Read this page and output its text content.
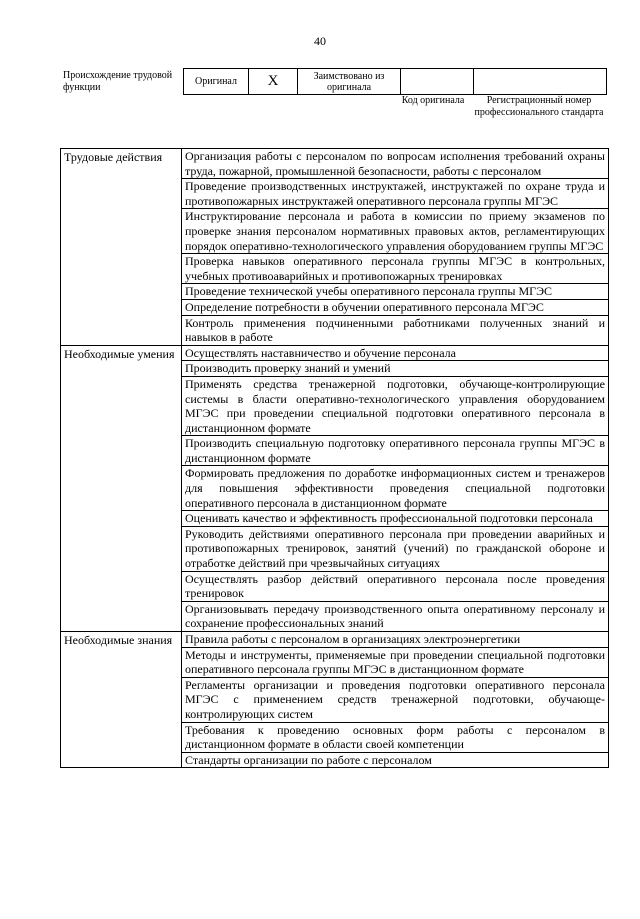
40
Происхождение трудовой функции
Оригинал	X	Заимствовано из оригинала		
Код оригинала	Регистрационный номер профессионального стандарта
Трудовые действия	Организация работы с персоналом по вопросам исполнения требований охраны труда, пожарной, промышленной безопасности, работы с персоналом
	Проведение производственных инструктажей, инструктажей по охране труда и противопожарных инструктажей оперативного персонала группы МГЭС
	Инструктирование персонала и работа в комиссии по приему экзаменов по проверке знания персоналом нормативных правовых актов, регламентирующих порядок оперативно-технологического управления оборудованием группы МГЭС
	Проверка навыков оперативного персонала группы МГЭС в контрольных, учебных противоаварийных и противопожарных тренировках
	Проведение технической учебы оперативного персонала группы МГЭС
	Определение потребности в обучении оперативного персонала МГЭС
	Контроль применения подчиненными работниками полученных знаний и навыков в работе
Необходимые умения	Осуществлять наставничество и обучение персонала
	Производить проверку знаний и умений
	Применять средства тренажерной подготовки, обучающе-контролирующие системы в бласти оперативно-технологического управления оборудованием МГЭС при проведении специальной подготовки оперативного персонала в дистанционном формате
	Производить специальную подготовку оперативного персонала группы МГЭС в дистанционном формате
	Формировать предложения по доработке информационных систем и тренажеров для повышения эффективности проведения специальной подготовки оперативного персонала в дистанционном формате
	Оценивать качество и эффективность профессиональной подготовки персонала
	Руководить действиями оперативного персонала при проведении аварийных и противопожарных тренировок, занятий (учений) по гражданской обороне и отработке действий при чрезвычайных ситуациях
	Осуществлять разбор действий оперативного персонала после проведения тренировок
	Организовывать передачу производственного опыта оперативному персоналу и сохранение профессиональных знаний
Необходимые знания	Правила работы с персоналом в организациях электроэнергетики
	Методы и инструменты, применяемые при проведении специальной подготовки оперативного персонала группы МГЭС в дистанционном формате
	Регламенты организации и проведения подготовки оперативного персонала МГЭС с применением средств тренажерной подготовки, обучающе-контролирующих систем
	Требования к проведению основных форм работы с персоналом в дистанционном формате в области своей компетенции
	Стандарты организации по работе с персоналом
